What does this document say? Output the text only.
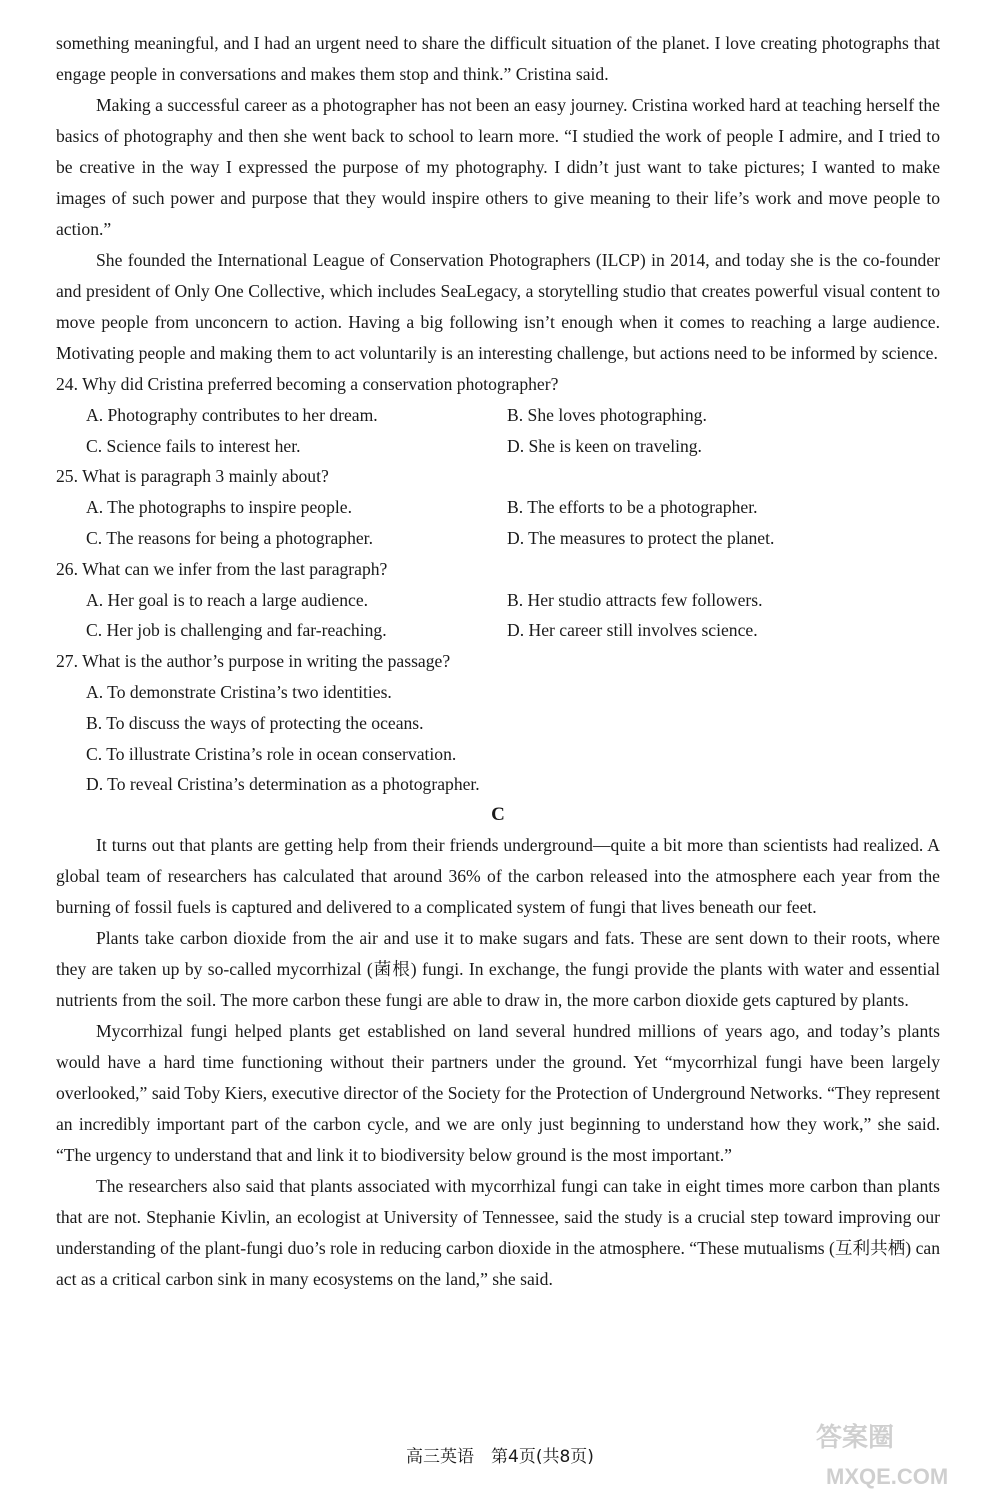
something meaningful, and I had an urgent need to share the difficult situation of the planet. I love creating photographs that engage people in conversations and makes them stop and think.” Cristina said.

Making a successful career as a photographer has not been an easy journey. Cristina worked hard at teaching herself the basics of photography and then she went back to school to learn more. “I studied the work of people I admire, and I tried to be creative in the way I expressed the purpose of my photography. I didn’t just want to take pictures; I wanted to make images of such power and purpose that they would inspire others to give meaning to their life’s work and move people to action.”

She founded the International League of Conservation Photographers (ILCP) in 2014, and today she is the co-founder and president of Only One Collective, which includes SeaLegacy, a storytelling studio that creates powerful visual content to move people from unconcern to action. Having a big following isn’t enough when it comes to reaching a large audience. Motivating people and making them to act voluntarily is an interesting challenge, but actions need to be informed by science.

24. Why did Cristina preferred becoming a conservation photographer?
A. Photography contributes to her dream.	B. She loves photographing.
C. Science fails to interest her.	D. She is keen on traveling.
25. What is paragraph 3 mainly about?
A. The photographs to inspire people.	B. The efforts to be a photographer.
C. The reasons for being a photographer.	D. The measures to protect the planet.
26. What can we infer from the last paragraph?
A. Her goal is to reach a large audience.	B. Her studio attracts few followers.
C. Her job is challenging and far-reaching.	D. Her career still involves science.
27. What is the author’s purpose in writing the passage?
A. To demonstrate Cristina’s two identities.
B. To discuss the ways of protecting the oceans.
C. To illustrate Cristina’s role in ocean conservation.
D. To reveal Cristina’s determination as a photographer.
C

It turns out that plants are getting help from their friends underground—quite a bit more than scientists had realized. A global team of researchers has calculated that around 36% of the carbon released into the atmosphere each year from the burning of fossil fuels is captured and delivered to a complicated system of fungi that lives beneath our feet.

Plants take carbon dioxide from the air and use it to make sugars and fats. These are sent down to their roots, where they are taken up by so-called mycorrhizal (菌根) fungi. In exchange, the fungi provide the plants with water and essential nutrients from the soil. The more carbon these fungi are able to draw in, the more carbon dioxide gets captured by plants.

Mycorrhizal fungi helped plants get established on land several hundred millions of years ago, and today’s plants would have a hard time functioning without their partners under the ground. Yet “mycorrhizal fungi have been largely overlooked,” said Toby Kiers, executive director of the Society for the Protection of Underground Networks. “They represent an incredibly important part of the carbon cycle, and we are only just beginning to understand how they work,” she said. “The urgency to understand that and link it to biodiversity below ground is the most important.”

The researchers also said that plants associated with mycorrhizal fungi can take in eight times more carbon than plants that are not. Stephanie Kivlin, an ecologist at University of Tennessee, said the study is a crucial step toward improving our understanding of the plant-fungi duo’s role in reducing carbon dioxide in the atmosphere. “These mutualisms (互利共栖) can act as a critical carbon sink in many ecosystems on the land,” she said.

高三英语　第4页(共8页)
答案圈
MXQE.COM
